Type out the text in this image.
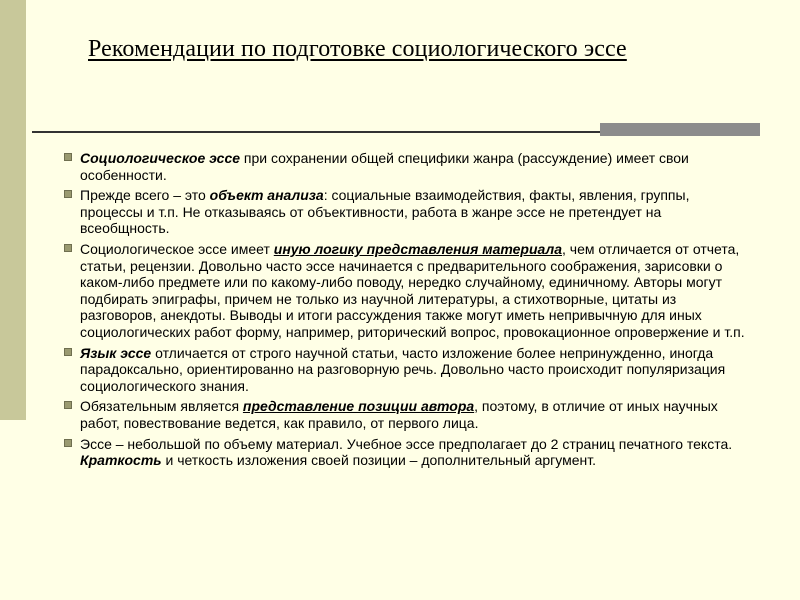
Рекомендации по подготовке социологического эссе
Социологическое эссе при сохранении общей специфики жанра (рассуждение) имеет свои особенности.
Прежде всего – это объект анализа: социальные взаимодействия, факты, явления, группы, процессы и т.п. Не отказываясь от объективности, работа в жанре эссе не претендует на всеобщность.
Социологическое эссе имеет иную логику представления материала, чем отличается от отчета, статьи, рецензии. Довольно часто эссе начинается с предварительного соображения, зарисовки о каком-либо предмете или по какому-либо поводу, нередко случайному, единичному. Авторы могут подбирать эпиграфы, причем не только из научной литературы, а стихотворные, цитаты из разговоров, анекдоты. Выводы и итоги рассуждения также могут иметь непривычную для иных социологических работ форму, например, риторический вопрос, провокационное опровержение и т.п.
Язык эссе отличается от строго научной статьи, часто изложение более непринужденно, иногда парадоксально, ориентированно на разговорную речь. Довольно часто происходит популяризация социологического знания.
Обязательным является представление позиции автора, поэтому, в отличие от иных научных работ, повествование ведется, как правило, от первого лица.
Эссе – небольшой по объему материал. Учебное эссе предполагает до 2 страниц печатного текста. Краткость и четкость изложения своей позиции – дополнительный аргумент.
